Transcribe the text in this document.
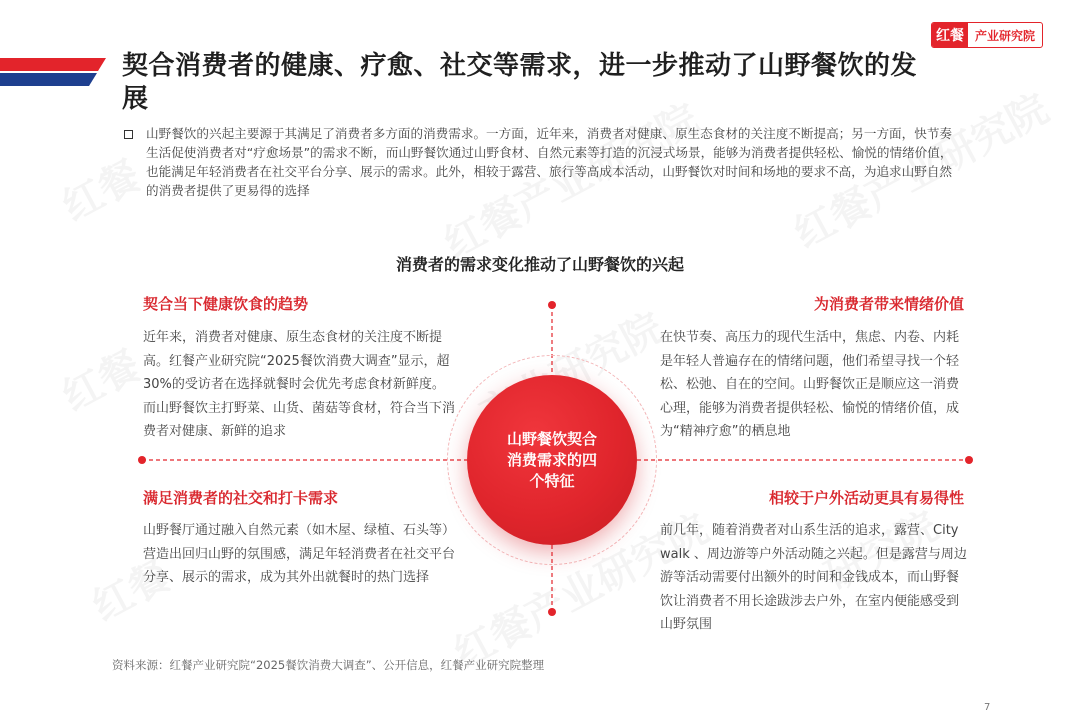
契合消费者的健康、疗愈、社交等需求，进一步推动了山野餐饮的发展
红餐 产业研究院
山野餐饮的兴起主要源于其满足了消费者多方面的消费需求。一方面，近年来，消费者对健康、原生态食材的关注度不断提高；另一方面，快节奏生活促使消费者对“疗愈场景”的需求不断，而山野餐饮通过山野食材、自然元素等打造的沉浸式场景，能够为消费者提供轻松、愉悦的情绪价值，也能满足年轻消费者在社交平台分享、展示的需求。此外，相较于露营、旅行等高成本活动，山野餐饮对时间和场地的要求不高，为追求山野自然的消费者提供了更易得的选择
消费者的需求变化推动了山野餐饮的兴起
山野餐饮契合消费需求的四个特征
契合当下健康饮食的趋势
近年来，消费者对健康、原生态食材的关注度不断提高。红餐产业研究院“2025餐饮消费大调查”显示，超30%的受访者在选择就餐时会优先考虑食材新鲜度。而山野餐饮主打野菜、山货、菌菇等食材，符合当下消费者对健康、新鲜的追求
为消费者带来情绪价值
在快节奏、高压力的现代生活中，焦虑、内卷、内耗是年轻人普遍存在的情绪问题，他们希望寻找一个轻松、松弛、自在的空间。山野餐饮正是顺应这一消费心理，能够为消费者提供轻松、愉悦的情绪价值，成为“精神疗愈”的栖息地
满足消费者的社交和打卡需求
山野餐厅通过融入自然元素（如木屋、绿植、石头等）营造出回归山野的氛围感，满足年轻消费者在社交平台分享、展示的需求，成为其外出就餐时的热门选择
相较于户外活动更具有易得性
前几年，随着消费者对山系生活的追求，露营、City walk 、周边游等户外活动随之兴起。但是露营与周边游等活动需要付出额外的时间和金钱成本，而山野餐饮让消费者不用长途跋涉去户外，在室内便能感受到山野氛围
资料来源：红餐产业研究院“2025餐饮消费大调查”、公开信息，红餐产业研究院整理
7
